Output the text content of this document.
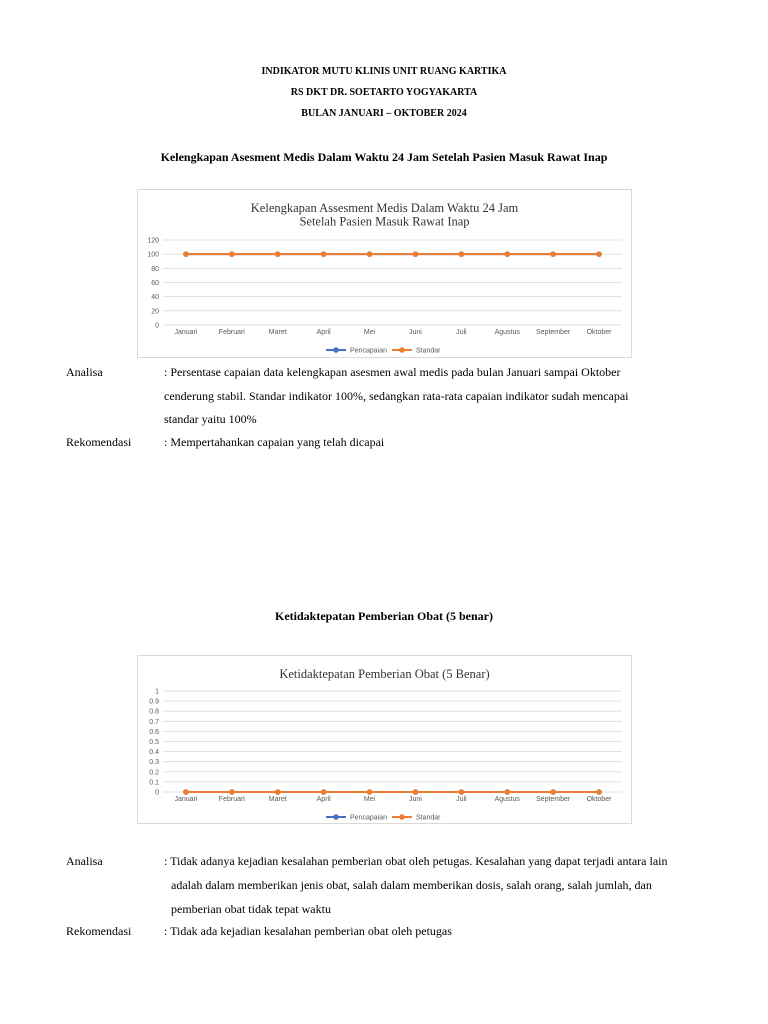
INDIKATOR MUTU KLINIS UNIT RUANG KARTIKA
RS DKT DR. SOETARTO YOGYAKARTA
BULAN JANUARI – OKTOBER 2024
Kelengkapan Asesment Medis Dalam Waktu 24 Jam Setelah Pasien Masuk Rawat Inap
Kelengkapan Assesment Medis Dalam Waktu 24 Jam
Setelah Pasien Masuk Rawat Inap
0
20
40
60
80
100
120
Januari	Februari	Maret	April	Mei	Juni	Juli	Agustus September Oktober
Pencapaian	Standar
Analisa	: Persentase capaian data kelengkapan asesmen awal medis pada bulan Januari sampai Oktober
cenderung stabil. Standar indikator 100%, sedangkan rata-rata capaian indikator sudah mencapai
standar yaitu 100%
Rekomendasi	: Mempertahankan capaian yang telah dicapai
Ketidaktepatan Pemberian Obat (5 benar)
Ketidaktepatan Pemberian Obat (5 Benar)
0
0.1
0.2
0.3
0.4
0.5
0.6
0.7
0.8
0.9
1
Januari	Februari	Maret	April	Mei	Juni	Juli	Agustus September Oktober
Pencapaian	Standar
Analisa	: Tidak adanya kejadian kesalahan pemberian obat oleh petugas. Kesalahan yang dapat terjadi antara lain
adalah dalam memberikan jenis obat, salah dalam memberikan dosis, salah orang, salah jumlah, dan
pemberian obat tidak tepat waktu
Rekomendasi	: Tidak ada kejadian kesalahan pemberian obat oleh petugas
